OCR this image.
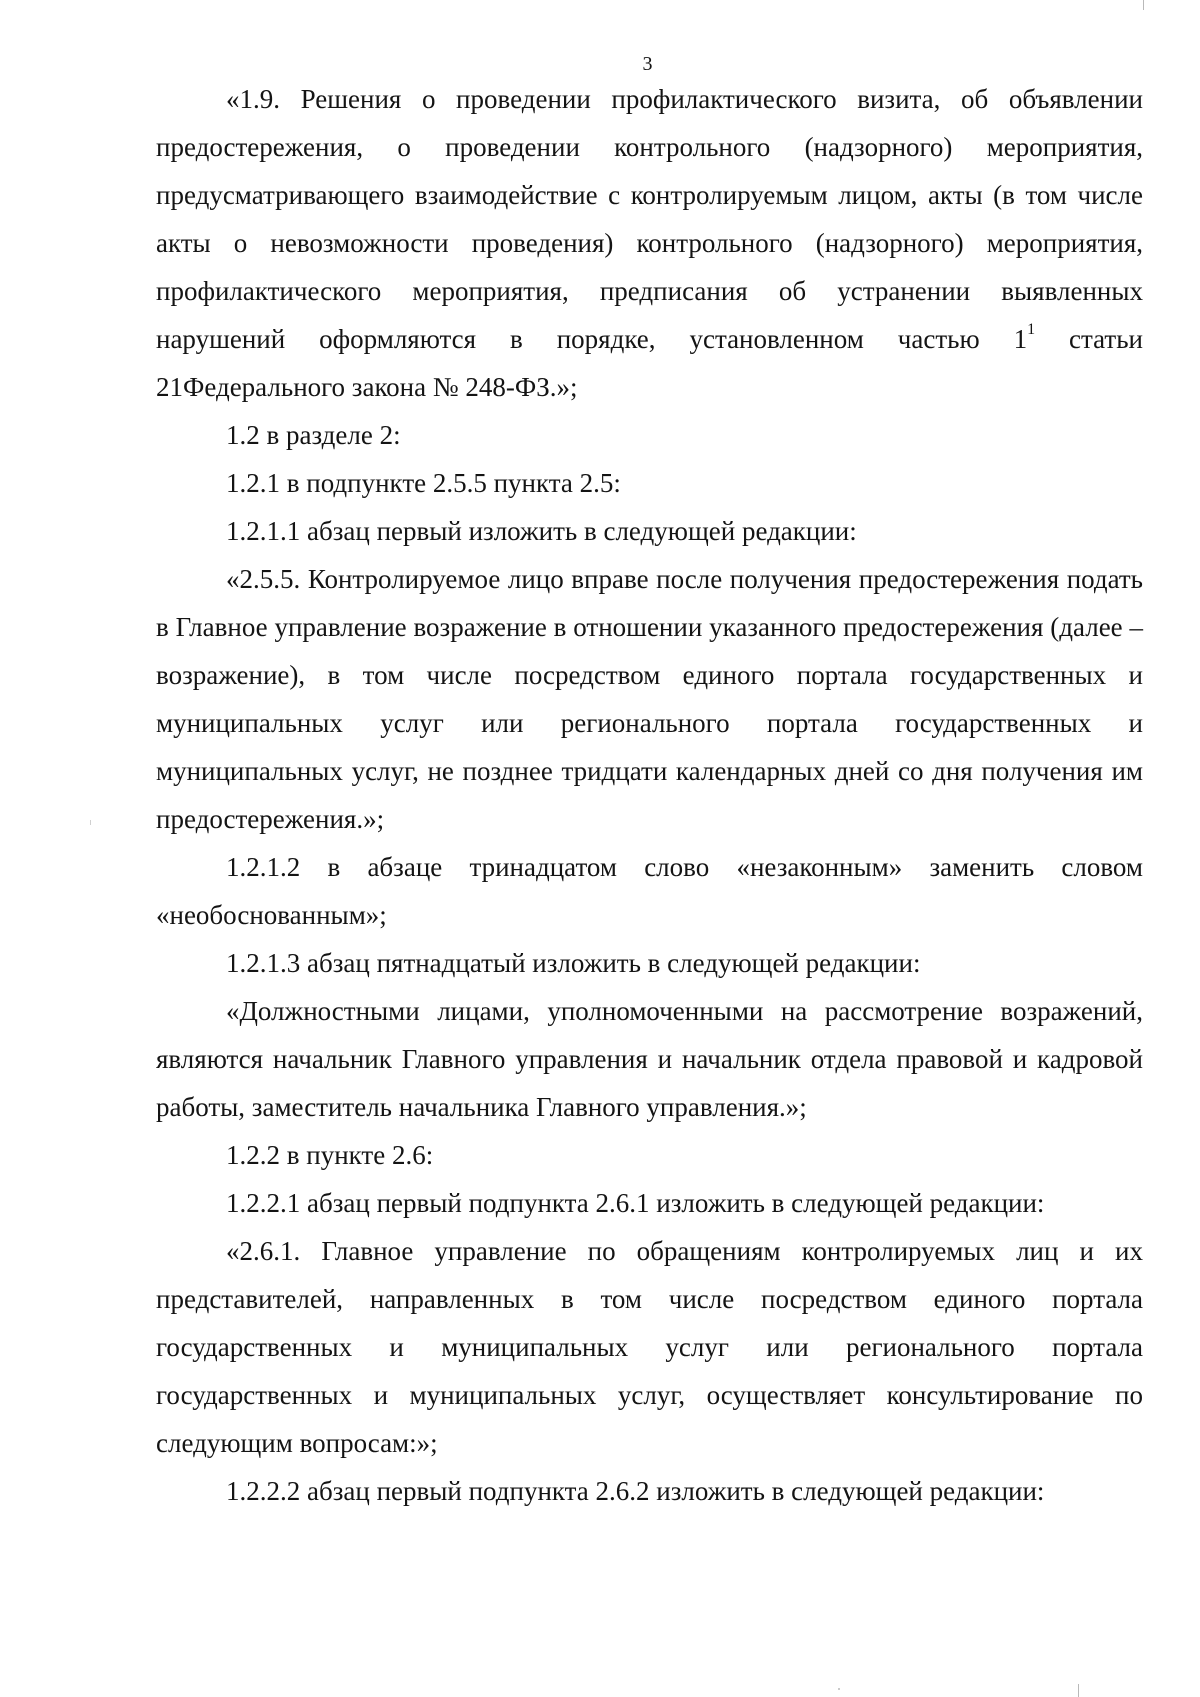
3

«1.9. Решения о проведении профилактического визита, об объявлении предостережения, о проведении контрольного (надзорного) мероприятия, предусматривающего взаимодействие с контролируемым лицом, акты (в том числе акты о невозможности проведения) контрольного (надзорного) мероприятия, профилактического мероприятия, предписания об устранении выявленных нарушений оформляются в порядке, установленном частью $1^1$ статьи 21Федерального закона № 248-ФЗ.»;

1.2 в разделе 2:

1.2.1 в подпункте 2.5.5 пункта 2.5:

1.2.1.1 абзац первый изложить в следующей редакции:

«2.5.5. Контролируемое лицо вправе после получения предостережения подать в Главное управление возражение в отношении указанного предостережения (далее – возражение), в том числе посредством единого портала государственных и муниципальных услуг или регионального портала государственных и муниципальных услуг, не позднее тридцати календарных дней со дня получения им предостережения.»;

1.2.1.2 в абзаце тринадцатом слово «незаконным» заменить словом «необоснованным»;

1.2.1.3 абзац пятнадцатый изложить в следующей редакции:

«Должностными лицами, уполномоченными на рассмотрение возражений, являются начальник Главного управления и начальник отдела правовой и кадровой работы, заместитель начальника Главного управления.»;

1.2.2 в пункте 2.6:

1.2.2.1 абзац первый подпункта 2.6.1 изложить в следующей редакции:

«2.6.1. Главное управление по обращениям контролируемых лиц и их представителей, направленных в том числе посредством единого портала государственных и муниципальных услуг или регионального портала государственных и муниципальных услуг, осуществляет консультирование по следующим вопросам:»;

1.2.2.2 абзац первый подпункта 2.6.2 изложить в следующей редакции:
